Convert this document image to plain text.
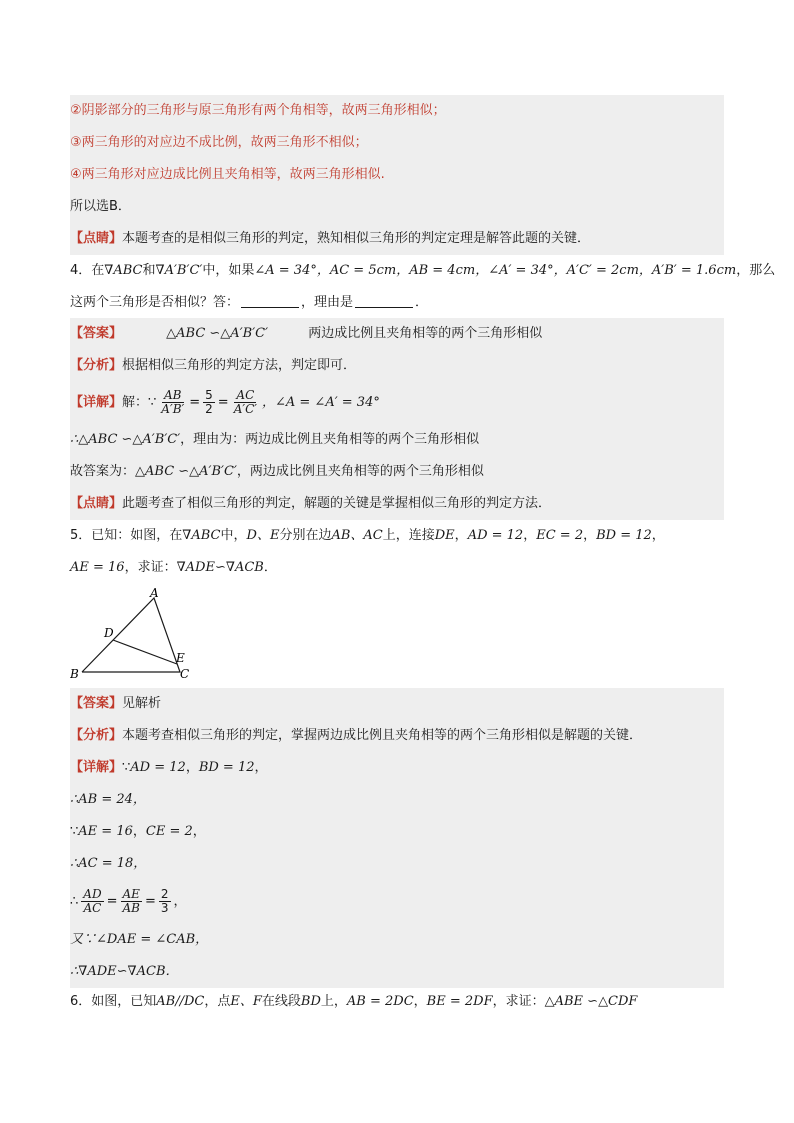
②阴影部分的三角形与原三角形有两个角相等，故两三角形相似；
③两三角形的对应边不成比例，故两三角形不相似；
④两三角形对应边成比例且夹角相等，故两三角形相似.
所以选B．
【点睛】本题考查的是相似三角形的判定，熟知相似三角形的判定定理是解答此题的关键．
4．在∇ABC和∇A′B′C′中，如果∠A = 34°，AC = 5cm，AB = 4cm，∠A′ = 34°，A′C′ = 2cm，A′B′ = 1.6cm，那么
这两个三角形是否相似？答：	，理由是	．
【答案】	△ABC ∽△A′B′C′	两边成比例且夹角相等的两个三角形相似
【分析】根据相似三角形的判定方法，判定即可．
【详解】解：∵ $\frac{AB}{A'B'} = \frac{5}{2} = \frac{AC}{A'C'}$ ，∠A = ∠A′ = 34°
∴△ABC ∽△A′B′C′，理由为：两边成比例且夹角相等的两个三角形相似
故答案为：△ABC ∽△A′B′C′，两边成比例且夹角相等的两个三角形相似
【点睛】此题考查了相似三角形的判定，解题的关键是掌握相似三角形的判定方法．
5．已知：如图，在∇ABC中，D、E分别在边AB、AC上，连接DE，AD = 12，EC = 2，BD = 12，
AE = 16，求证：∇ADE∽∇ACB．
A
B	C
D
E
【答案】见解析
【分析】本题考查相似三角形的判定，掌握两边成比例且夹角相等的两个三角形相似是解题的关键．
【详解】∵AD = 12，BD = 12，
∴AB = 24，
∵AE = 16，CE = 2，
∴AC = 18，
∴ $\frac{AD}{AC} = \frac{AE}{AB} = \frac{2}{3}$ ，
又∵∠DAE = ∠CAB，
∴∇ADE∽∇ACB．
6．如图，已知AB//DC，点E、F在线段BD上，AB = 2DC，BE = 2DF，求证：△ABE ∽△CDF
